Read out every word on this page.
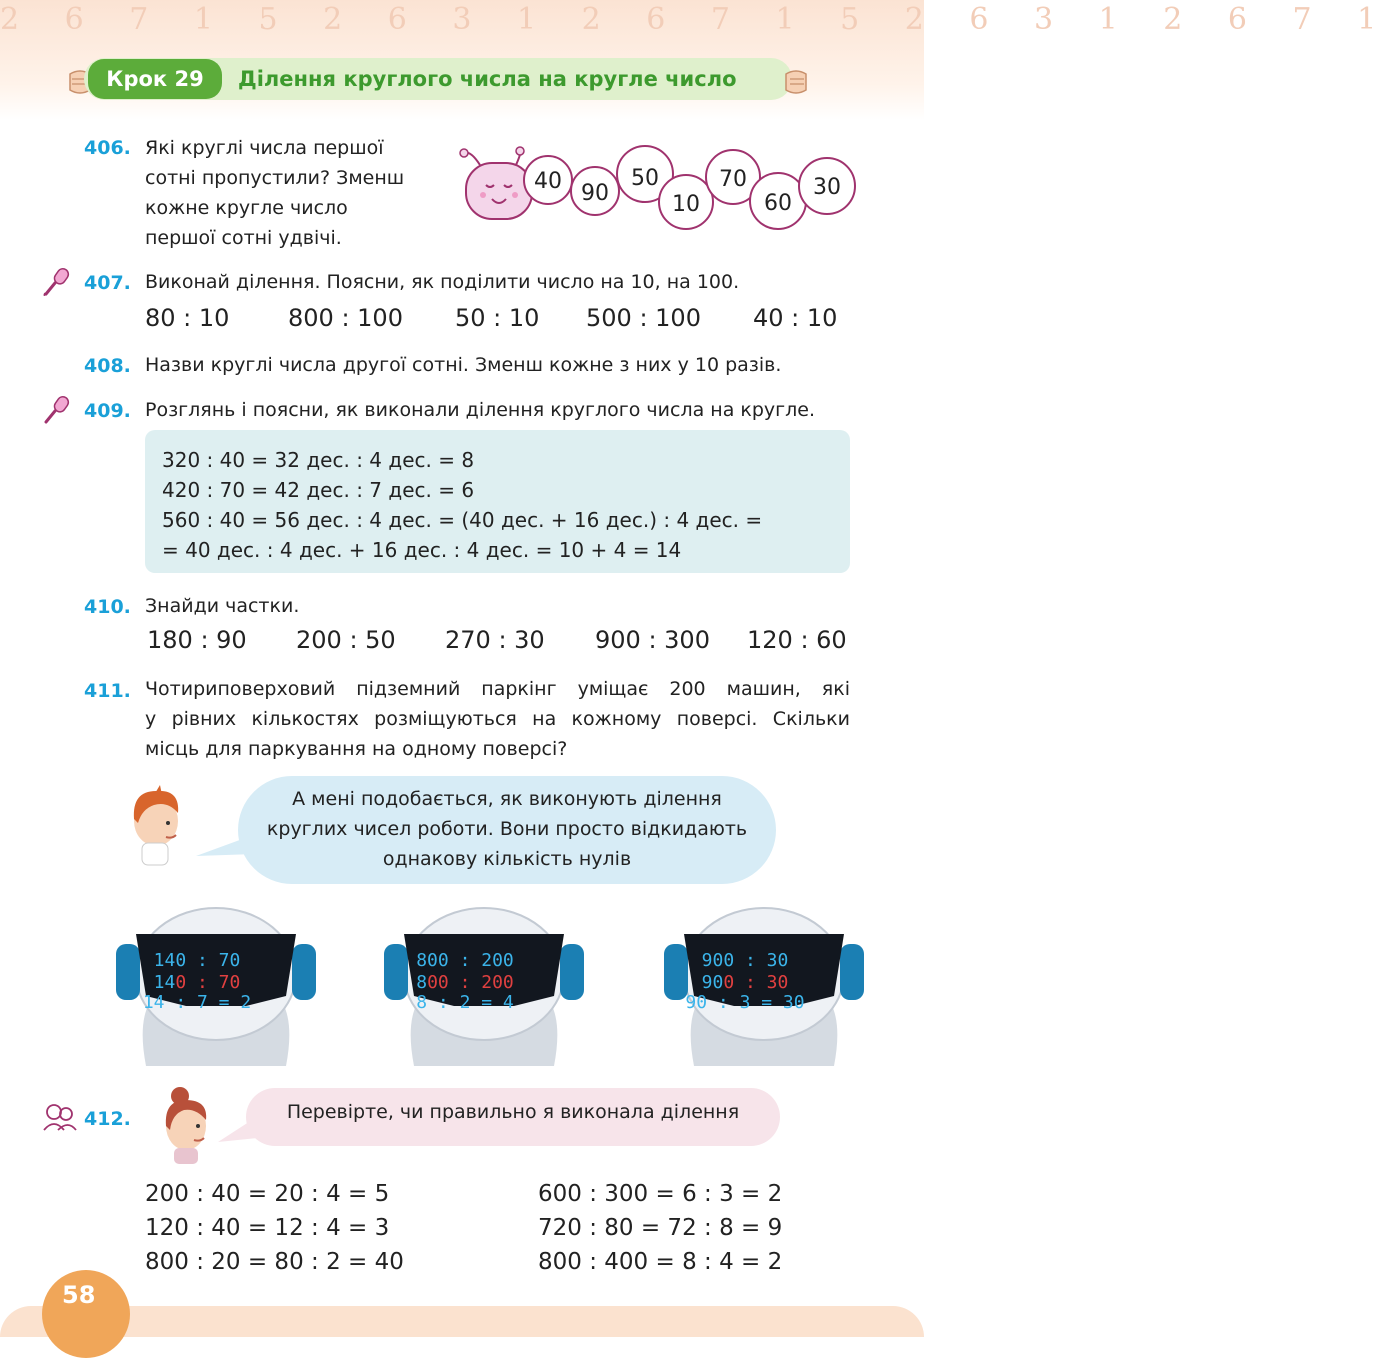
2 6 7 1 5 2 6 3 1 2 6 7 1 5 2 6 3 1 2 6 7 1
Крок 29	Ділення круглого числа на кругле число
406. Які круглі числа першої
сотні пропустили? Зменш
кожне кругле число
першої сотні удвічі.
40 90
50
10
70
60
30
407. Виконай ділення. Поясни, як поділити число на 10, на 100.
80 : 10 800 : 100 50 : 10 500 : 100 40 : 10
408. Назви круглі числа другої сотні. Зменш кожне з них у 10 разів.
409. Розглянь і поясни, як виконали ділення круглого числа на кругле.
320 : 40 = 32 дес. : 4 дес. = 8
420 : 70 = 42 дес. : 7 дес. = 6
560 : 40 = 56 дес. : 4 дес. = (40 дес. + 16 дес.) : 4 дес. =
= 40 дес. : 4 дес. + 16 дес. : 4 дес. = 10 + 4 = 14
410. Знайди частки.
180 : 90 200 : 50 270 : 30 900 : 300 120 : 60
411. Чотириповерховий підземний паркінг уміщає 200 машин, які
у рівних кількостях розміщуються на кожному поверсі. Скільки
місць для паркування на одному поверсі?
А мені подобається, як виконують ділення
круглих чисел роботи. Вони просто відкидають
однакову кількість нулів
140 : 70
140 : 70
14 : 7 = 2
800 : 200
800 : 200
8 : 2 = 4
900 : 30
900 : 30
90 : 3 = 30
412.	Перевірте, чи правильно я виконала ділення
200 : 40 = 20 : 4 = 5
120 : 40 = 12 : 4 = 3
800 : 20 = 80 : 2 = 40
600 : 300 = 6 : 3 = 2
720 : 80 = 72 : 8 = 9
800 : 400 = 8 : 4 = 2
58
